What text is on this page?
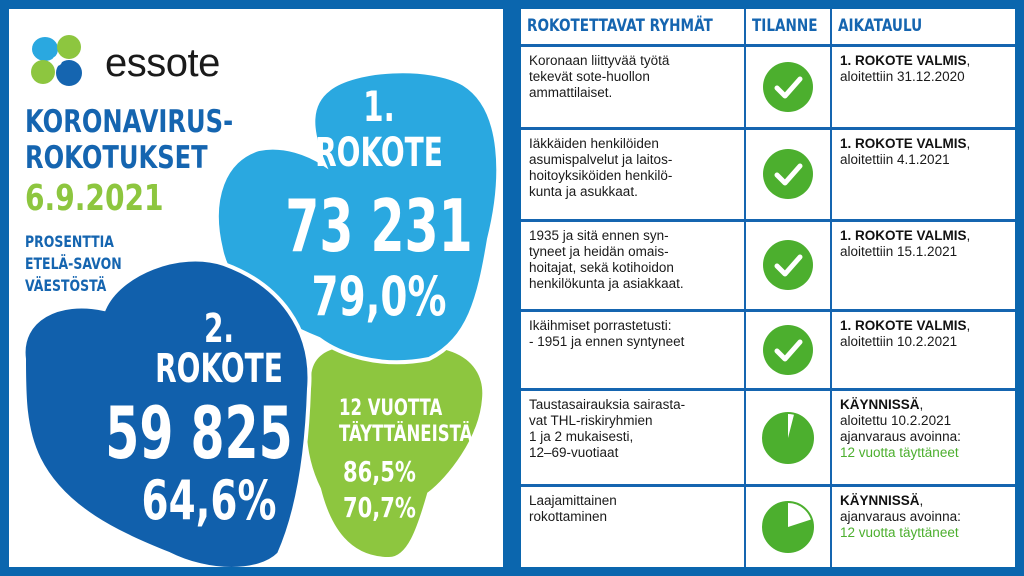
essote
KORONAVIRUS-
ROKOTUKSET
6.9.2021
PROSENTTIA
ETELÄ-SAVON
VÄESTÖSTÄ
1.
ROKOTE
73 231
79,0%
2.
ROKOTE
59 825
64,6%
12 VUOTTA
TÄYTTÄNEISTÄ:
86,5%
70,7%
ROKOTETTAVAT RYHMÄT	TILANNE	AIKATAULU

Koronaan liittyvää työtä
tekevät sote-huollon
ammattilaiset.		1. ROKOTE VALMIS,
aloitettiin 31.12.2020

Iäkkäiden henkilöiden
asumispalvelut ja laitos-
hoitoyksiköiden henkilö-
kunta ja asukkaat.		1. ROKOTE VALMIS,
aloitettiin 4.1.2021

1935 ja sitä ennen syn-
tyneet ja heidän omais-
hoitajat, sekä kotihoidon
henkilökunta ja asiakkaat.		1. ROKOTE VALMIS,
aloitettiin 15.1.2021

Ikäihmiset porrastetusti:
- 1951 ja ennen syntyneet		1. ROKOTE VALMIS,
aloitettiin 10.2.2021

Taustasairauksia sairasta-
vat THL-riskiryhmien
1 ja 2 mukaisesti,
12–69-vuotiaat		KÄYNNISSÄ,
aloitettu 10.2.2021
ajanvaraus avoinna:
12 vuotta täyttäneet

Laajamittainen
rokottaminen		KÄYNNISSÄ,
ajanvaraus avoinna:
12 vuotta täyttäneet
